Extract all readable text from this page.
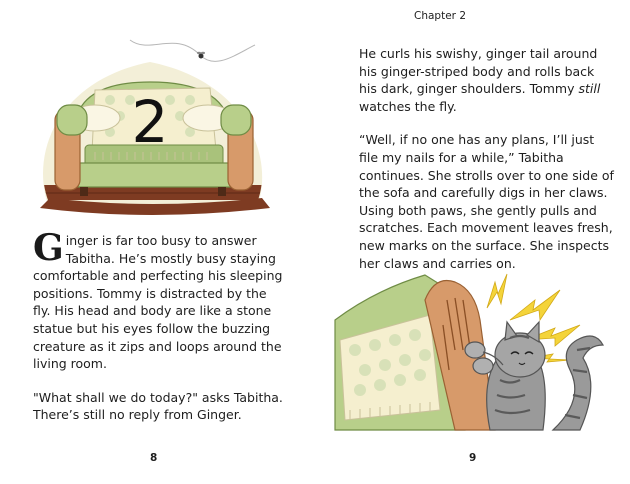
2

Ginger is far too busy to answer Tabitha. He’s mostly busy staying comfortable and perfecting his sleeping positions. Tommy is distracted by the fly. His head and body are like a stone statue but his eyes follow the buzzing creature as it zips and loops around the living room.

"What shall we do today?" asks Tabitha. There’s still no reply from Ginger.

8
Chapter 2

He curls his swishy, ginger tail around his ginger-striped body and rolls back his dark, ginger shoulders. Tommy still watches the fly.

“Well, if no one has any plans, I’ll just file my nails for a while,” Tabitha continues. She strolls over to one side of the sofa and carefully digs in her claws. Using both paws, she gently pulls and scratches. Each movement leaves fresh, new marks on the surface. She inspects her claws and carries on.

9
